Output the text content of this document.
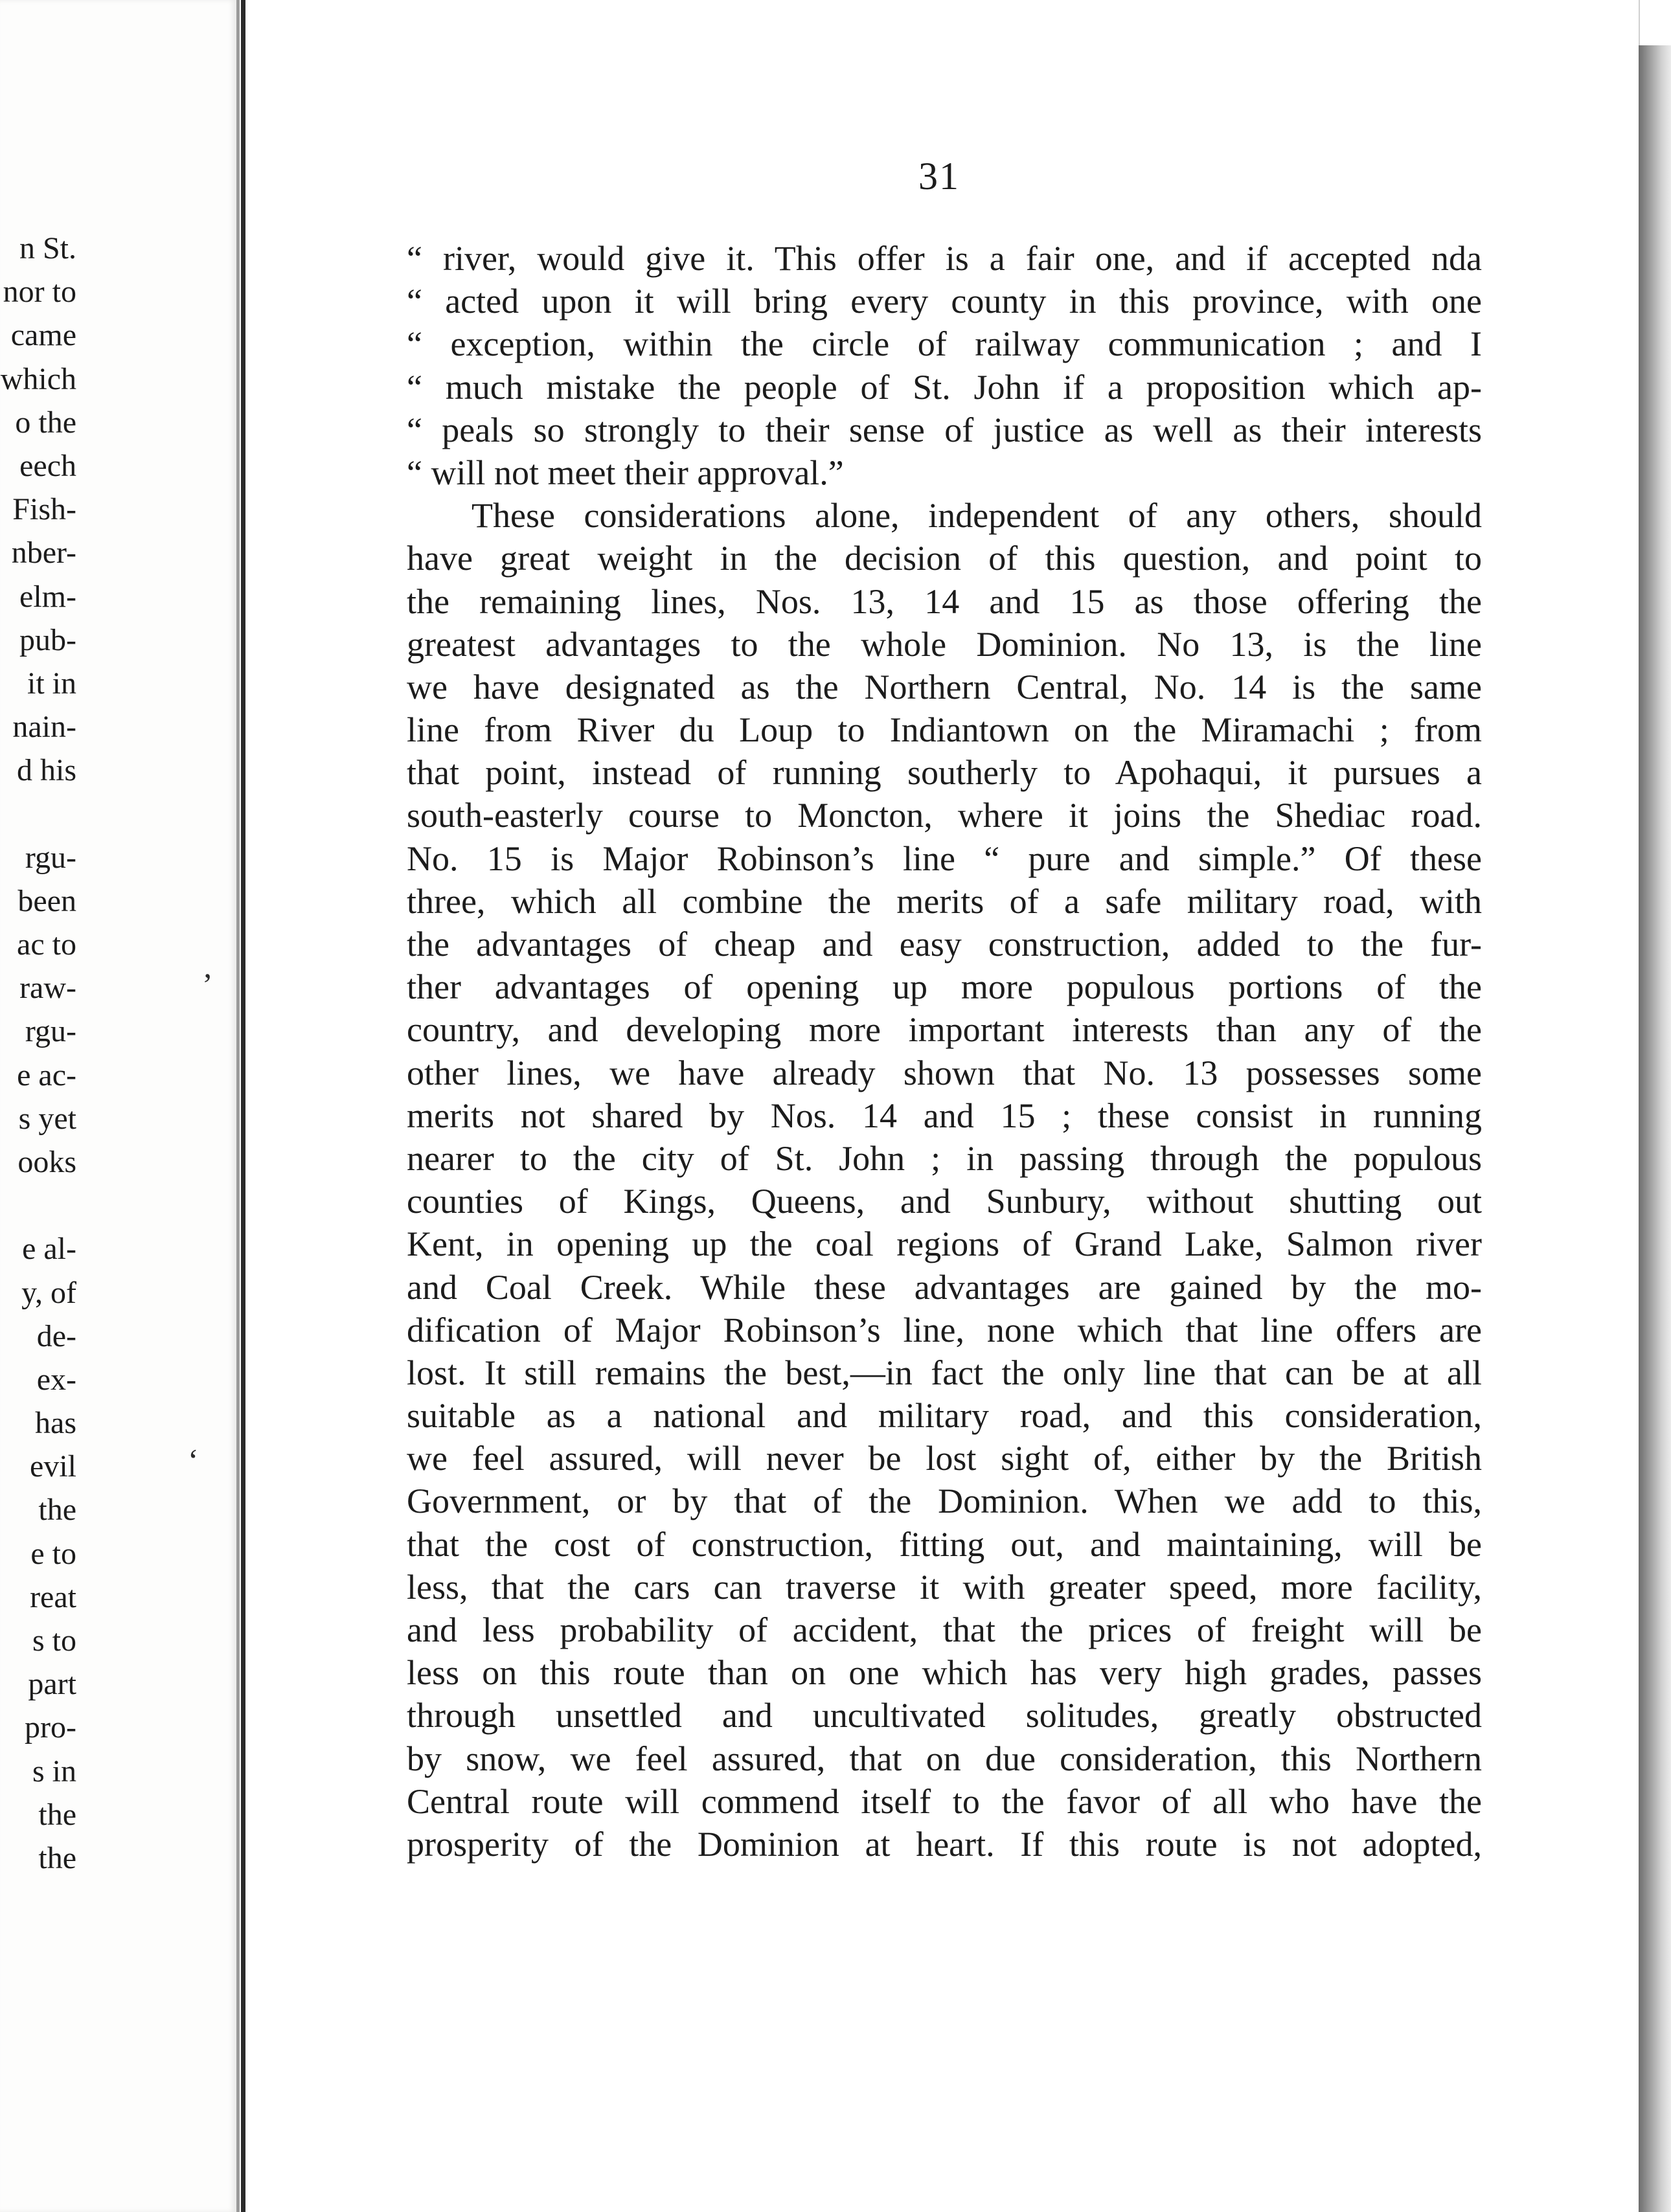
n St.
nor to
came
which
o the
eech
Fish-
nber-
elm-
pub-
it in
nain-
d his
rgu-
been
ac to
raw-
rgu-
e ac-
s yet
ooks
e al-
y, of
de-
ex-
has
evil
the
e to
reat
s to
part
pro-
s in
the
the
’
‘
31
“ river, would give it. This offer is a fair one, and if accepted nda
“ acted upon it will bring every county in this province, with one
“ exception, within the circle of railway communication ; and I
“ much mistake the people of St. John if a proposition which ap-
“ peals so strongly to their sense of justice as well as their interests
“ will not meet their approval.”
These considerations alone, independent of any others, should
have great weight in the decision of this question, and point to
the remaining lines, Nos. 13, 14 and 15 as those offering the
greatest advantages to the whole Dominion. No 13, is the line
we have designated as the Northern Central, No. 14 is the same
line from River du Loup to Indiantown on the Miramachi ; from
that point, instead of running southerly to Apohaqui, it pursues a
south-easterly course to Moncton, where it joins the Shediac road.
No. 15 is Major Robinson’s line “ pure and simple.” Of these
three, which all combine the merits of a safe military road, with
the advantages of cheap and easy construction, added to the fur-
ther advantages of opening up more populous portions of the
country, and developing more important interests than any of the
other lines, we have already shown that No. 13 possesses some
merits not shared by Nos. 14 and 15 ; these consist in running
nearer to the city of St. John ; in passing through the populous
counties of Kings, Queens, and Sunbury, without shutting out
Kent, in opening up the coal regions of Grand Lake, Salmon river
and Coal Creek. While these advantages are gained by the mo-
dification of Major Robinson’s line, none which that line offers are
lost. It still remains the best,—in fact the only line that can be at all
suitable as a national and military road, and this consideration,
we feel assured, will never be lost sight of, either by the British
Government, or by that of the Dominion. When we add to this,
that the cost of construction, fitting out, and maintaining, will be
less, that the cars can traverse it with greater speed, more facility,
and less probability of accident, that the prices of freight will be
less on this route than on one which has very high grades, passes
through unsettled and uncultivated solitudes, greatly obstructed
by snow, we feel assured, that on due consideration, this Northern
Central route will commend itself to the favor of all who have the
prosperity of the Dominion at heart. If this route is not adopted,
